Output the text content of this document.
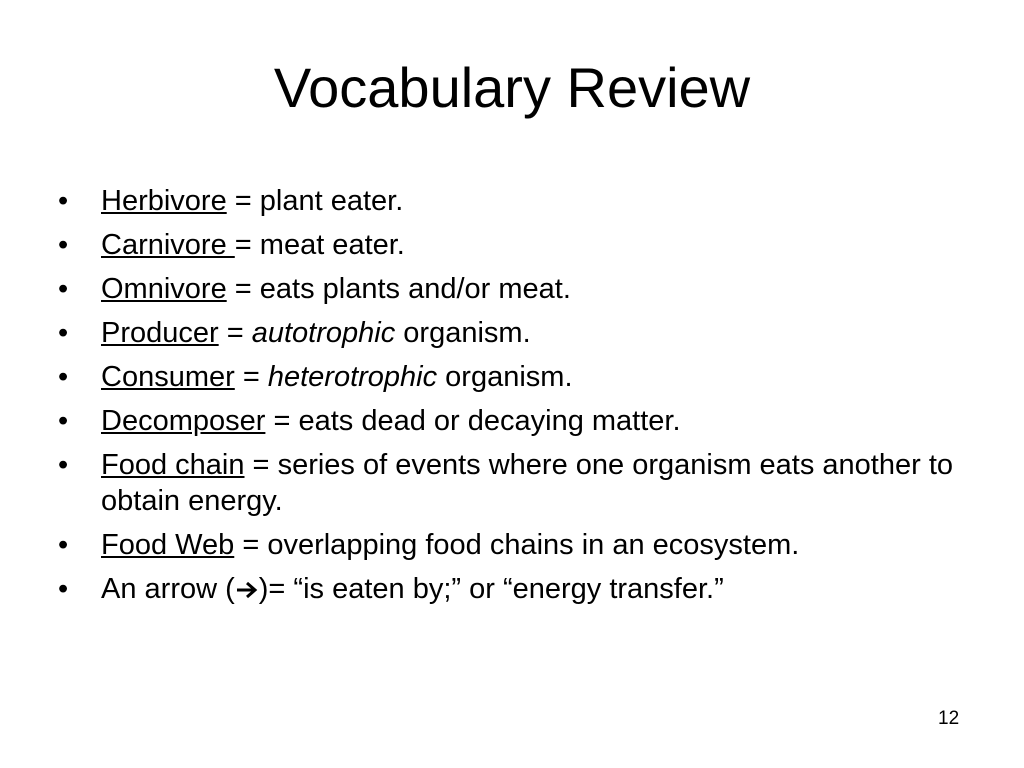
Vocabulary Review
• Herbivore = plant eater.
• Carnivore = meat eater.
• Omnivore = eats plants and/or meat.
• Producer = autotrophic organism.
• Consumer = heterotrophic organism.
• Decomposer = eats dead or decaying matter.
• Food chain = series of events where one organism eats another to obtain energy.
• Food Web = overlapping food chains in an ecosystem.
• An arrow ( )= “is eaten by;” or “energy transfer.”
12
